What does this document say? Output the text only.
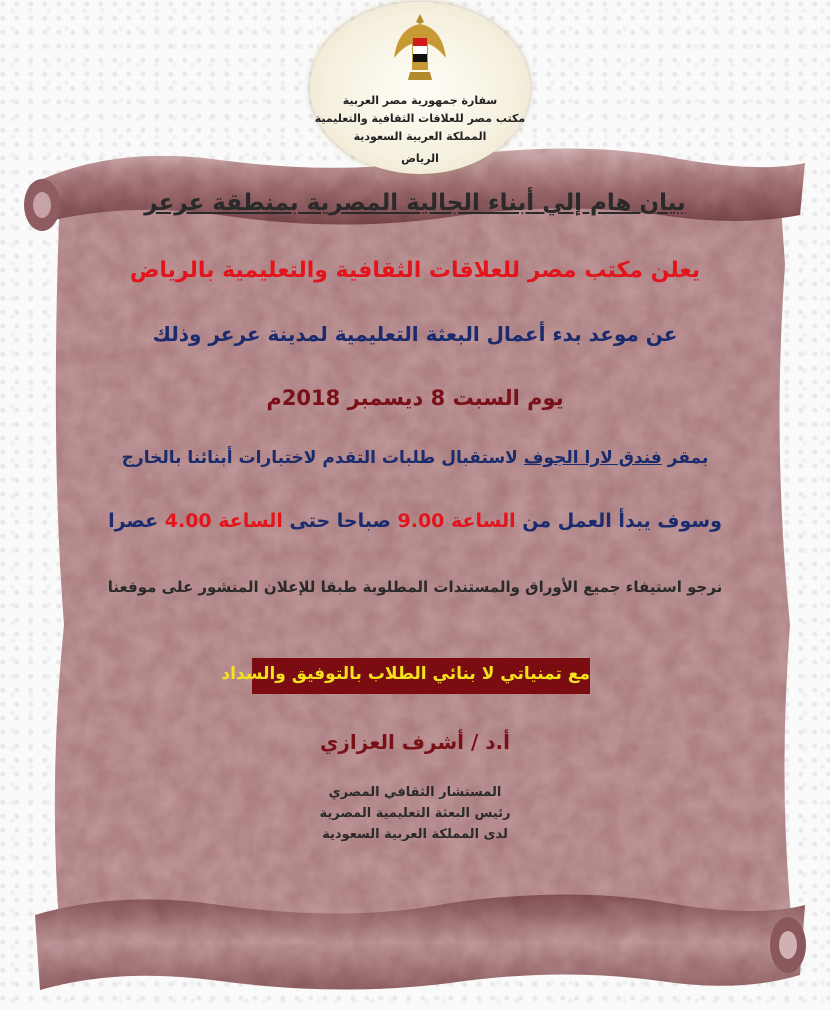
سفارة جمهورية مصر العربية
مكتب مصر للعلاقات الثقافية والتعليمية
المملكة العربية السعودية
الرياض
بيان هام إلي أبناء الجالية المصرية بمنطقة عرعر
يعلن مكتب مصر للعلاقات الثقافية والتعليمية بالرياض
عن موعد بدء أعمال البعثة التعليمية لمدينة عرعر وذلك
يوم السبت 8 ديسمبر 2018م
بمقر فندق لارا الجوف لاستقبال طلبات التقدم لاختبارات أبنائنا بالخارج
وسوف يبدأ العمل من الساعة 9.00 صباحا حتى الساعة 4.00 عصرا
نرجو استيفاء جميع الأوراق والمستندات المطلوبة طبقا للإعلان المنشور على موقعنا
مع تمنياتي لا بنائي الطلاب بالتوفيق والسداد
أ.د / أشرف العزازي
المستشار الثقافي المصري
رئيس البعثة التعليمية المصرية
لدى المملكة العربية السعودية
